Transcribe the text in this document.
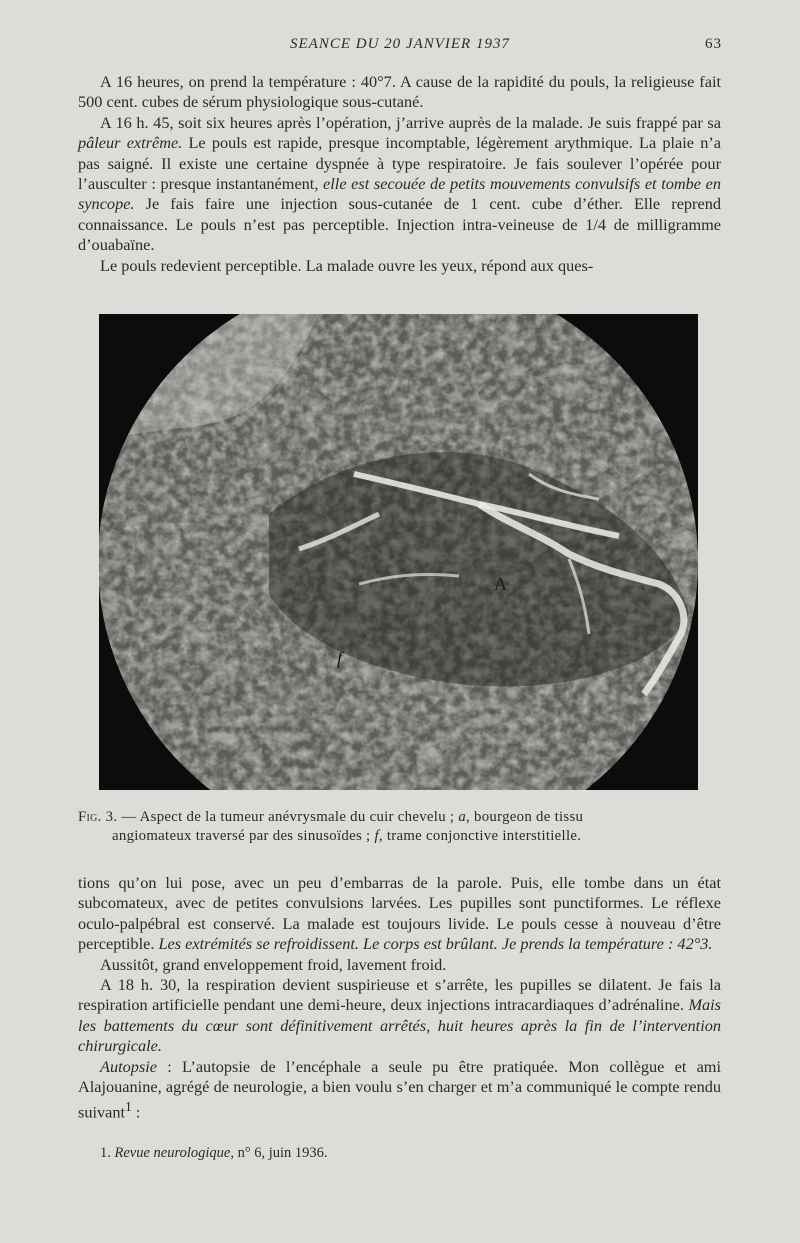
SEANCE DU 20 JANVIER 1937	63

A 16 heures, on prend la température : 40°7. A cause de la rapidité du pouls, la religieuse fait 500 cent. cubes de sérum physiologique sous-cutané.

A 16 h. 45, soit six heures après l’opération, j’arrive auprès de la malade. Je suis frappé par sa pâleur extrême. Le pouls est rapide, presque incomptable, légèrement arythmique. La plaie n’a pas saigné. Il existe une certaine dyspnée à type respiratoire. Je fais soulever l’opérée pour l’ausculter : presque instantanément, elle est secouée de petits mouvements convulsifs et tombe en syncope. Je fais faire une injection sous-cutanée de 1 cent. cube d’éther. Elle reprend connaissance. Le pouls n’est pas perceptible. Injection intra-veineuse de 1/4 de milligramme d’ouabaïne.

Le pouls redevient perceptible. La malade ouvre les yeux, répond aux ques-

A
f
Fig. 3. — Aspect de la tumeur anévrysmale du cuir chevelu ; a, bourgeon de tissu
angiomateux traversé par des sinusoïdes ; f, trame conjonctive interstitielle.

tions qu’on lui pose, avec un peu d’embarras de la parole. Puis, elle tombe dans un état subcomateux, avec de petites convulsions larvées. Les pupilles sont punctiformes. Le réflexe oculo-palpébral est conservé. La malade est toujours livide. Le pouls cesse à nouveau d’être perceptible. Les extrémités se refroidissent. Le corps est brûlant. Je prends la température : 42°3.

Aussitôt, grand enveloppement froid, lavement froid.

A 18 h. 30, la respiration devient suspirieuse et s’arrête, les pupilles se dilatent. Je fais la respiration artificielle pendant une demi-heure, deux injections intracardiaques d’adrénaline. Mais les battements du cœur sont définitivement arrêtés, huit heures après la fin de l’intervention chirurgicale.

Autopsie : L’autopsie de l’encéphale a seule pu être pratiquée. Mon collègue et ami Alajouanine, agrégé de neurologie, a bien voulu s’en charger et m’a communiqué le compte rendu suivant$^1$ :

1. Revue neurologique, n° 6, juin 1936.
